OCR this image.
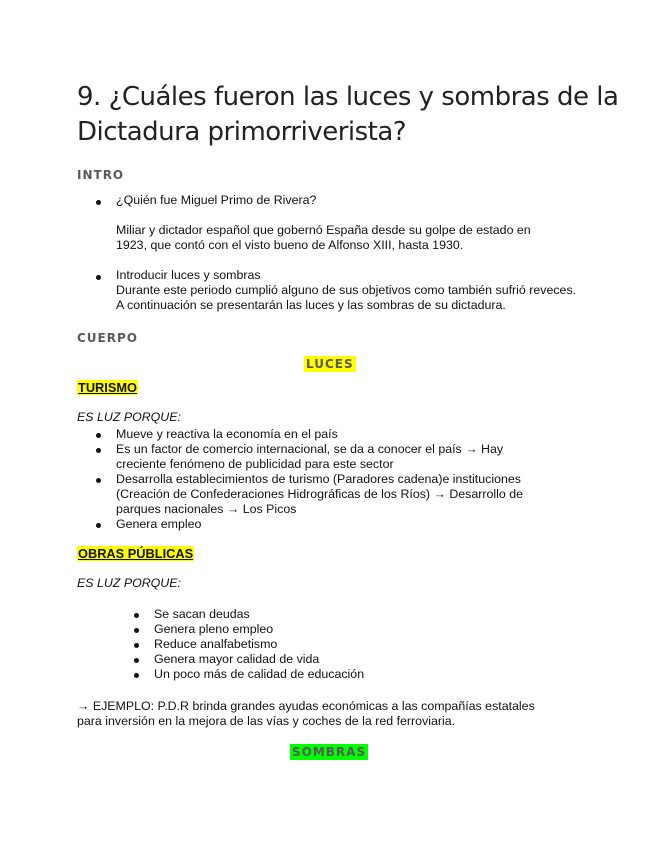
9. ¿Cuáles fueron las luces y sombras de la Dictadura primorriverista?
INTRO
¿Quién fue Miguel Primo de Rivera?
Miliar y dictador español que gobernó España desde su golpe de estado en 1923, que contó con el visto bueno de Alfonso XIII, hasta 1930.
Introducir luces y sombras
Durante este periodo cumplió alguno de sus objetivos como también sufrió reveces. A continuación se presentarán las luces y las sombras de su dictadura.
CUERPO
LUCES
TURISMO
ES LUZ PORQUE:
Mueve y reactiva la economía en el país
Es un factor de comercio internacional, se da a conocer el país → Hay creciente fenómeno de publicidad para este sector
Desarrolla establecimientos de turismo (Paradores cadena)e instituciones (Creación de Confederaciones Hidrográficas de los Ríos) → Desarrollo de parques nacionales → Los Picos
Genera empleo
OBRAS PÚBLICAS
ES LUZ PORQUE:
Se sacan deudas
Genera pleno empleo
Reduce analfabetismo
Genera mayor calidad de vida
Un poco más de calidad de educación
→ EJEMPLO: P.D.R brinda grandes ayudas económicas a las compañías estatales para inversión en la mejora de las vías y coches de la red ferroviaria.
SOMBRAS
